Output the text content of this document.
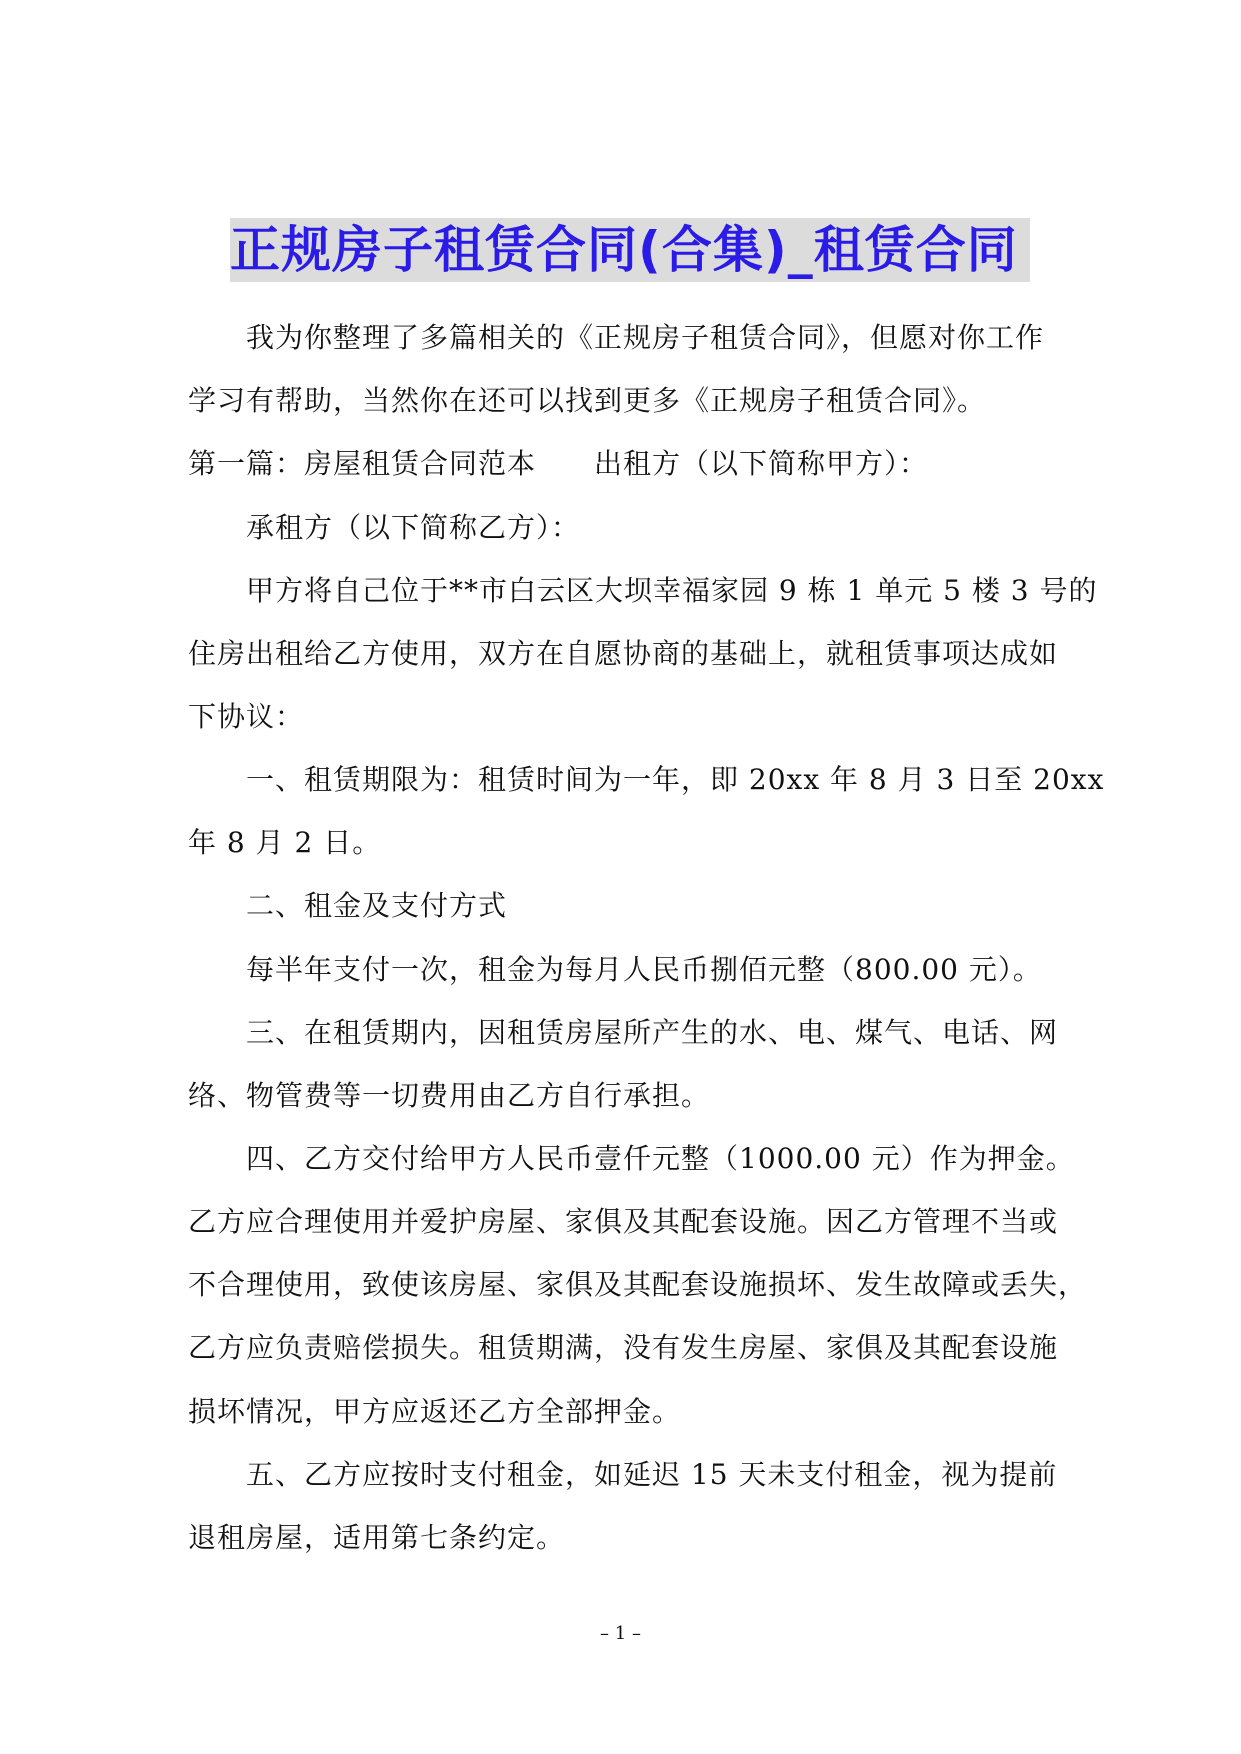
正规房子租赁合同(合集)_租赁合同
我为你整理了多篇相关的《正规房子租赁合同》，但愿对你工作
学习有帮助，当然你在还可以找到更多《正规房子租赁合同》。
第一篇：房屋租赁合同范本　　出租方（以下简称甲方）：
承租方（以下简称乙方）：
甲方将自己位于**市白云区大坝幸福家园 9 栋 1 单元 5 楼 3 号的
住房出租给乙方使用，双方在自愿协商的基础上，就租赁事项达成如
下协议：
一、租赁期限为：租赁时间为一年，即 20xx 年 8 月 3 日至 20xx
年 8 月 2 日。
二、租金及支付方式
每半年支付一次，租金为每月人民币捌佰元整（800.00 元）。
三、在租赁期内，因租赁房屋所产生的水、电、煤气、电话、网
络、物管费等一切费用由乙方自行承担。
四、乙方交付给甲方人民币壹仟元整（1000.00 元）作为押金。
乙方应合理使用并爱护房屋、家俱及其配套设施。因乙方管理不当或
不合理使用，致使该房屋、家俱及其配套设施损坏、发生故障或丢失，
乙方应负责赔偿损失。租赁期满，没有发生房屋、家俱及其配套设施
损坏情况，甲方应返还乙方全部押金。
五、乙方应按时支付租金，如延迟 15 天未支付租金，视为提前
退租房屋，适用第七条约定。
– 1 –
